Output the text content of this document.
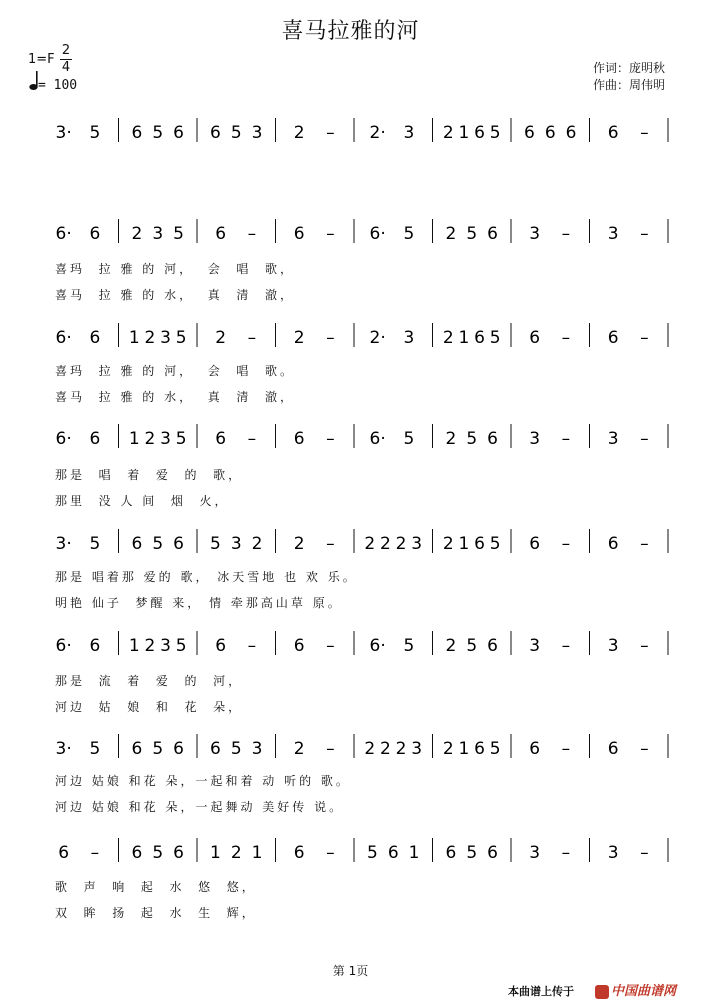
喜马拉雅的河
1=F
2
4
= 100
作词：庞明秋
作曲：周伟明
3· 5 6 5 6 6 5 3 2 – 2· 3 2 1 6 5 6 6 6 6 –
6· 6 2 3 5 6 – 6 – 6· 5 2 5 6 3 – 3 –
6· 6 1 2 3 5 2 – 2 – 2· 3 2 1 6 5 6 – 6 –
6· 6 1 2 3 5 6 – 6 – 6· 5 2 5 6 3 – 3 –
3· 5 6 5 6 5 3 2 2 – 2 2 2 3 2 1 6 5 6 – 6 –
6· 6 1 2 3 5 6 – 6 – 6· 5 2 5 6 3 – 3 –
3· 5 6 5 6 6 5 3 2 – 2 2 2 3 2 1 6 5 6 – 6 –
6 – 6 5 6 1 2 1 6 – 5 6 1 6 5 6 3 – 3 –
喜玛  拉 雅 的 河，  会  唱  歌，
喜马  拉 雅 的 水，  真  清  澈，
喜玛  拉 雅 的 河，  会  唱  歌。
喜马  拉 雅 的 水，  真  清  澈，
那是  唱  着  爱  的  歌，
那里  没 人 间  烟  火，
那是 唱着那 爱的 歌， 冰天雪地 也 欢 乐。
明艳 仙子  梦醒 来， 情 牵那高山草 原。
那是  流  着  爱  的  河，
河边  姑  娘  和  花  朵，
河边 姑娘 和花 朵，一起和着 动 听的 歌。
河边 姑娘 和花 朵，一起舞动 美好传 说。
歌  声  响  起  水  悠  悠，
双  眸  扬  起  水  生  辉，
第 1页
本曲谱上传于	中国曲谱网
